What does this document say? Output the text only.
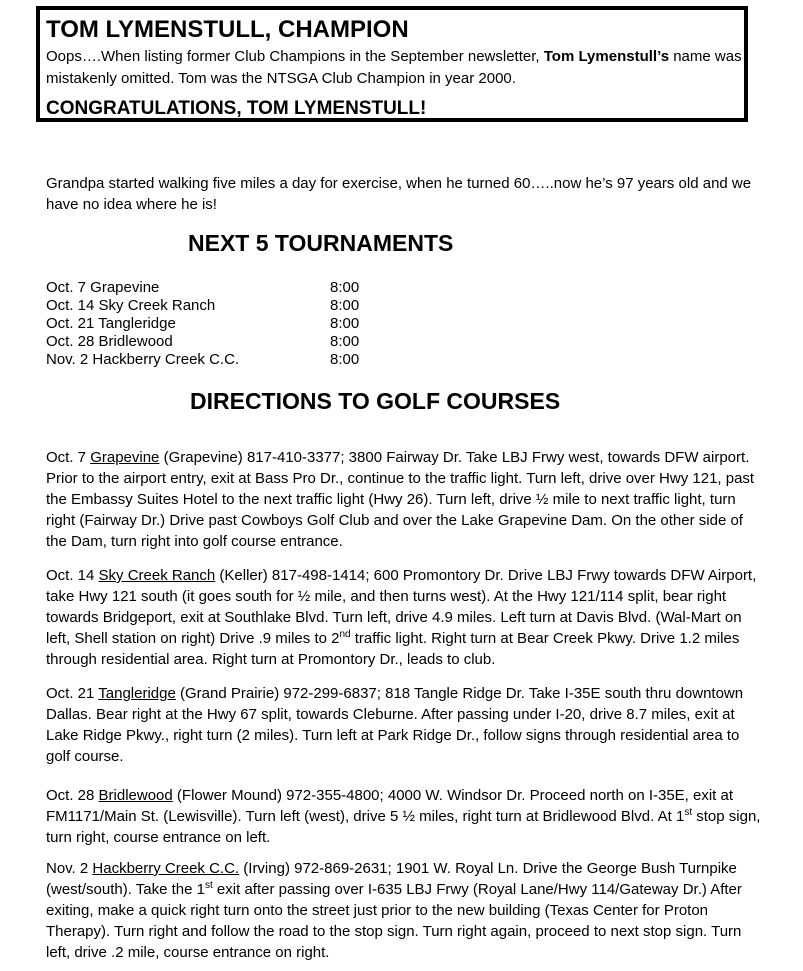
TOM LYMENSTULL, CHAMPION

Oops….When listing former Club Champions in the September newsletter, Tom Lymenstull’s name was mistakenly omitted. Tom was the NTSGA Club Champion in year 2000.

CONGRATULATIONS, TOM LYMENSTULL!

Grandpa started walking five miles a day for exercise, when he turned 60…..now he’s 97 years old and we have no idea where he is!

NEXT 5 TOURNAMENTS

Oct. 7 Grapevine	8:00
Oct. 14 Sky Creek Ranch	8:00
Oct. 21 Tangleridge	8:00
Oct. 28 Bridlewood	8:00
Nov. 2 Hackberry Creek C.C.	8:00

DIRECTIONS TO GOLF COURSES

Oct. 7 Grapevine (Grapevine) 817-410-3377; 3800 Fairway Dr. Take LBJ Frwy west, towards DFW airport. Prior to the airport entry, exit at Bass Pro Dr., continue to the traffic light. Turn left, drive over Hwy 121, past the Embassy Suites Hotel to the next traffic light (Hwy 26). Turn left, drive ½ mile to next traffic light, turn right (Fairway Dr.) Drive past Cowboys Golf Club and over the Lake Grapevine Dam. On the other side of the Dam, turn right into golf course entrance.

Oct. 14 Sky Creek Ranch (Keller) 817-498-1414; 600 Promontory Dr. Drive LBJ Frwy towards DFW Airport, take Hwy 121 south (it goes south for ½ mile, and then turns west). At the Hwy 121/114 split, bear right towards Bridgeport, exit at Southlake Blvd. Turn left, drive 4.9 miles. Left turn at Davis Blvd. (Wal-Mart on left, Shell station on right) Drive .9 miles to 2nd traffic light. Right turn at Bear Creek Pkwy. Drive 1.2 miles through residential area. Right turn at Promontory Dr., leads to club.

Oct. 21 Tangleridge (Grand Prairie) 972-299-6837; 818 Tangle Ridge Dr. Take I-35E south thru downtown Dallas. Bear right at the Hwy 67 split, towards Cleburne. After passing under I-20, drive 8.7 miles, exit at Lake Ridge Pkwy., right turn (2 miles). Turn left at Park Ridge Dr., follow signs through residential area to golf course.

Oct. 28 Bridlewood (Flower Mound) 972-355-4800; 4000 W. Windsor Dr. Proceed north on I-35E, exit at FM1171/Main St. (Lewisville). Turn left (west), drive 5 ½ miles, right turn at Bridlewood Blvd. At 1st stop sign, turn right, course entrance on left.

Nov. 2 Hackberry Creek C.C. (Irving) 972-869-2631; 1901 W. Royal Ln. Drive the George Bush Turnpike (west/south). Take the 1st exit after passing over I-635 LBJ Frwy (Royal Lane/Hwy 114/Gateway Dr.) After exiting, make a quick right turn onto the street just prior to the new building (Texas Center for Proton Therapy). Turn right and follow the road to the stop sign. Turn right again, proceed to next stop sign. Turn left, drive .2 mile, course entrance on right.
